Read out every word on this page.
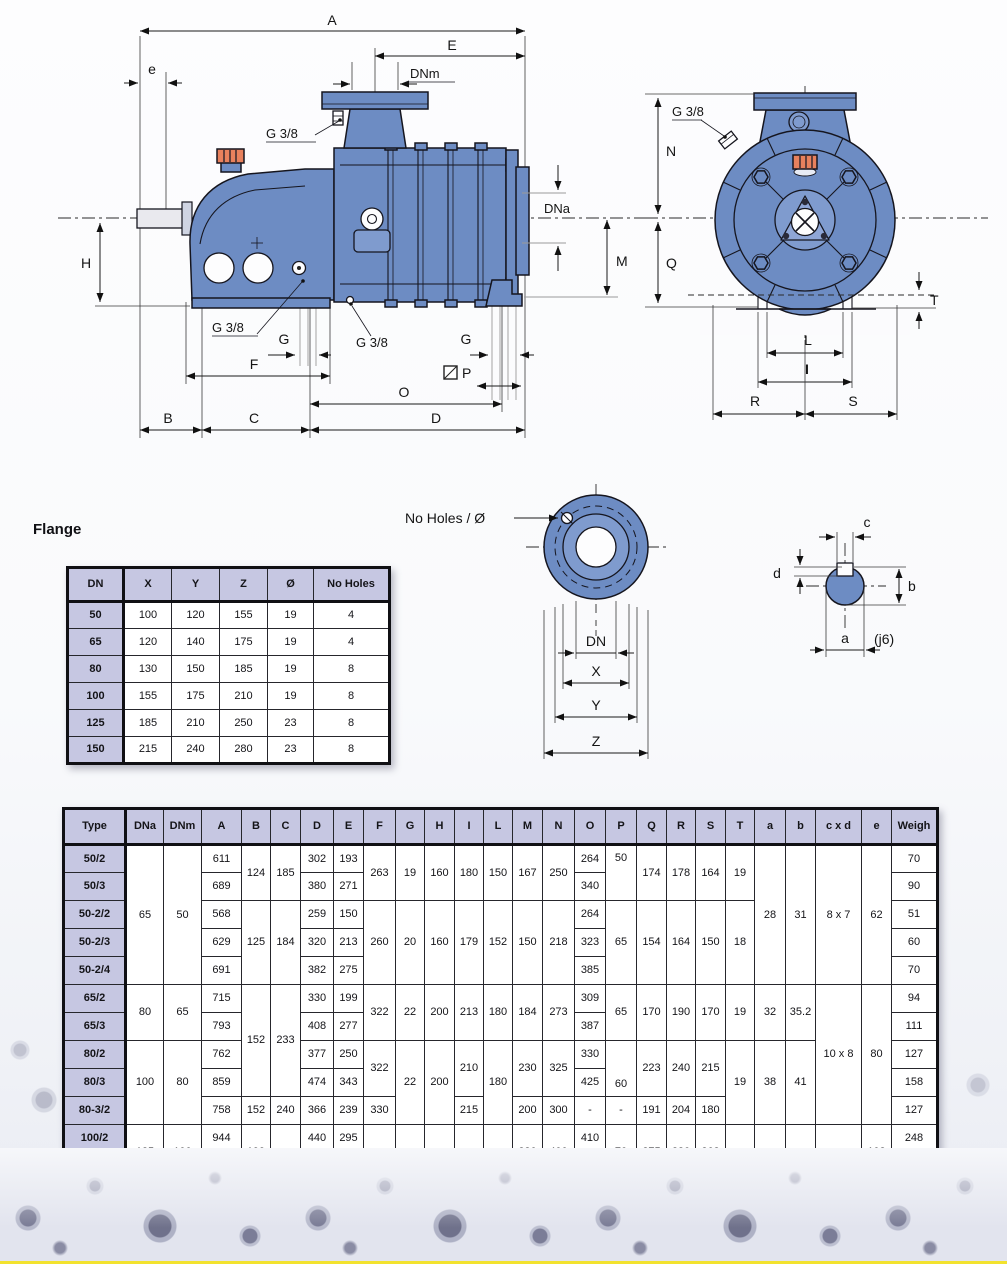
A
E
e	DNm
G 3/8
H
DNa
M
G 3/8
G
F
G 3/8	G
P
O
B	C	D
N
Q
T
G 3/8
L
I
R	S
No Holes / Ø
DN
X
Y
Z
c
d
b
a (j6)
Flange
DN	X	Y	Z	Ø	No Holes
50	100	120	155	19	4
65	120	140	175	19	4
80	130	150	185	19	8
100	155	175	210	19	8
125	185	210	250	23	8
150	215	240	280	23	8
Type	DNa	DNm	A	B	C	D	E	F	G	H	I	L	M	N	O	P	Q	R	S	T	a	b	c x d	e	Weigh
50/2	65	50	611	124	185	302	193	263	19	160	180	150	167	250	264	50	174	178	164	19	28	31	8 x 7	62	70
50/3			689			380	271								340										90
50-2/2			568	125	184	259	150	260	20	160	179	152	150	218	264	65	154	164	150	18					51
50-2/3			629			320	213								323										60
50-2/4			691			382	275								385										70
65/2	80	65	715	152	233	330	199	322	22	200	213	180	184	273	309	65	170	190	170	19	32	35.2	10 x 8	80	94
65/3			793			408	277								387										111
80/2	100	80	762			377	250	322	22	200	210	180	230	325	330	60	223	240	215	19	38	41			127
80/3			859			474	343								425										158
80-3/2			758	152	240	366	239	330			215		200	300	-	-	191	204	180						127
100/2			944			440	295								410										248
